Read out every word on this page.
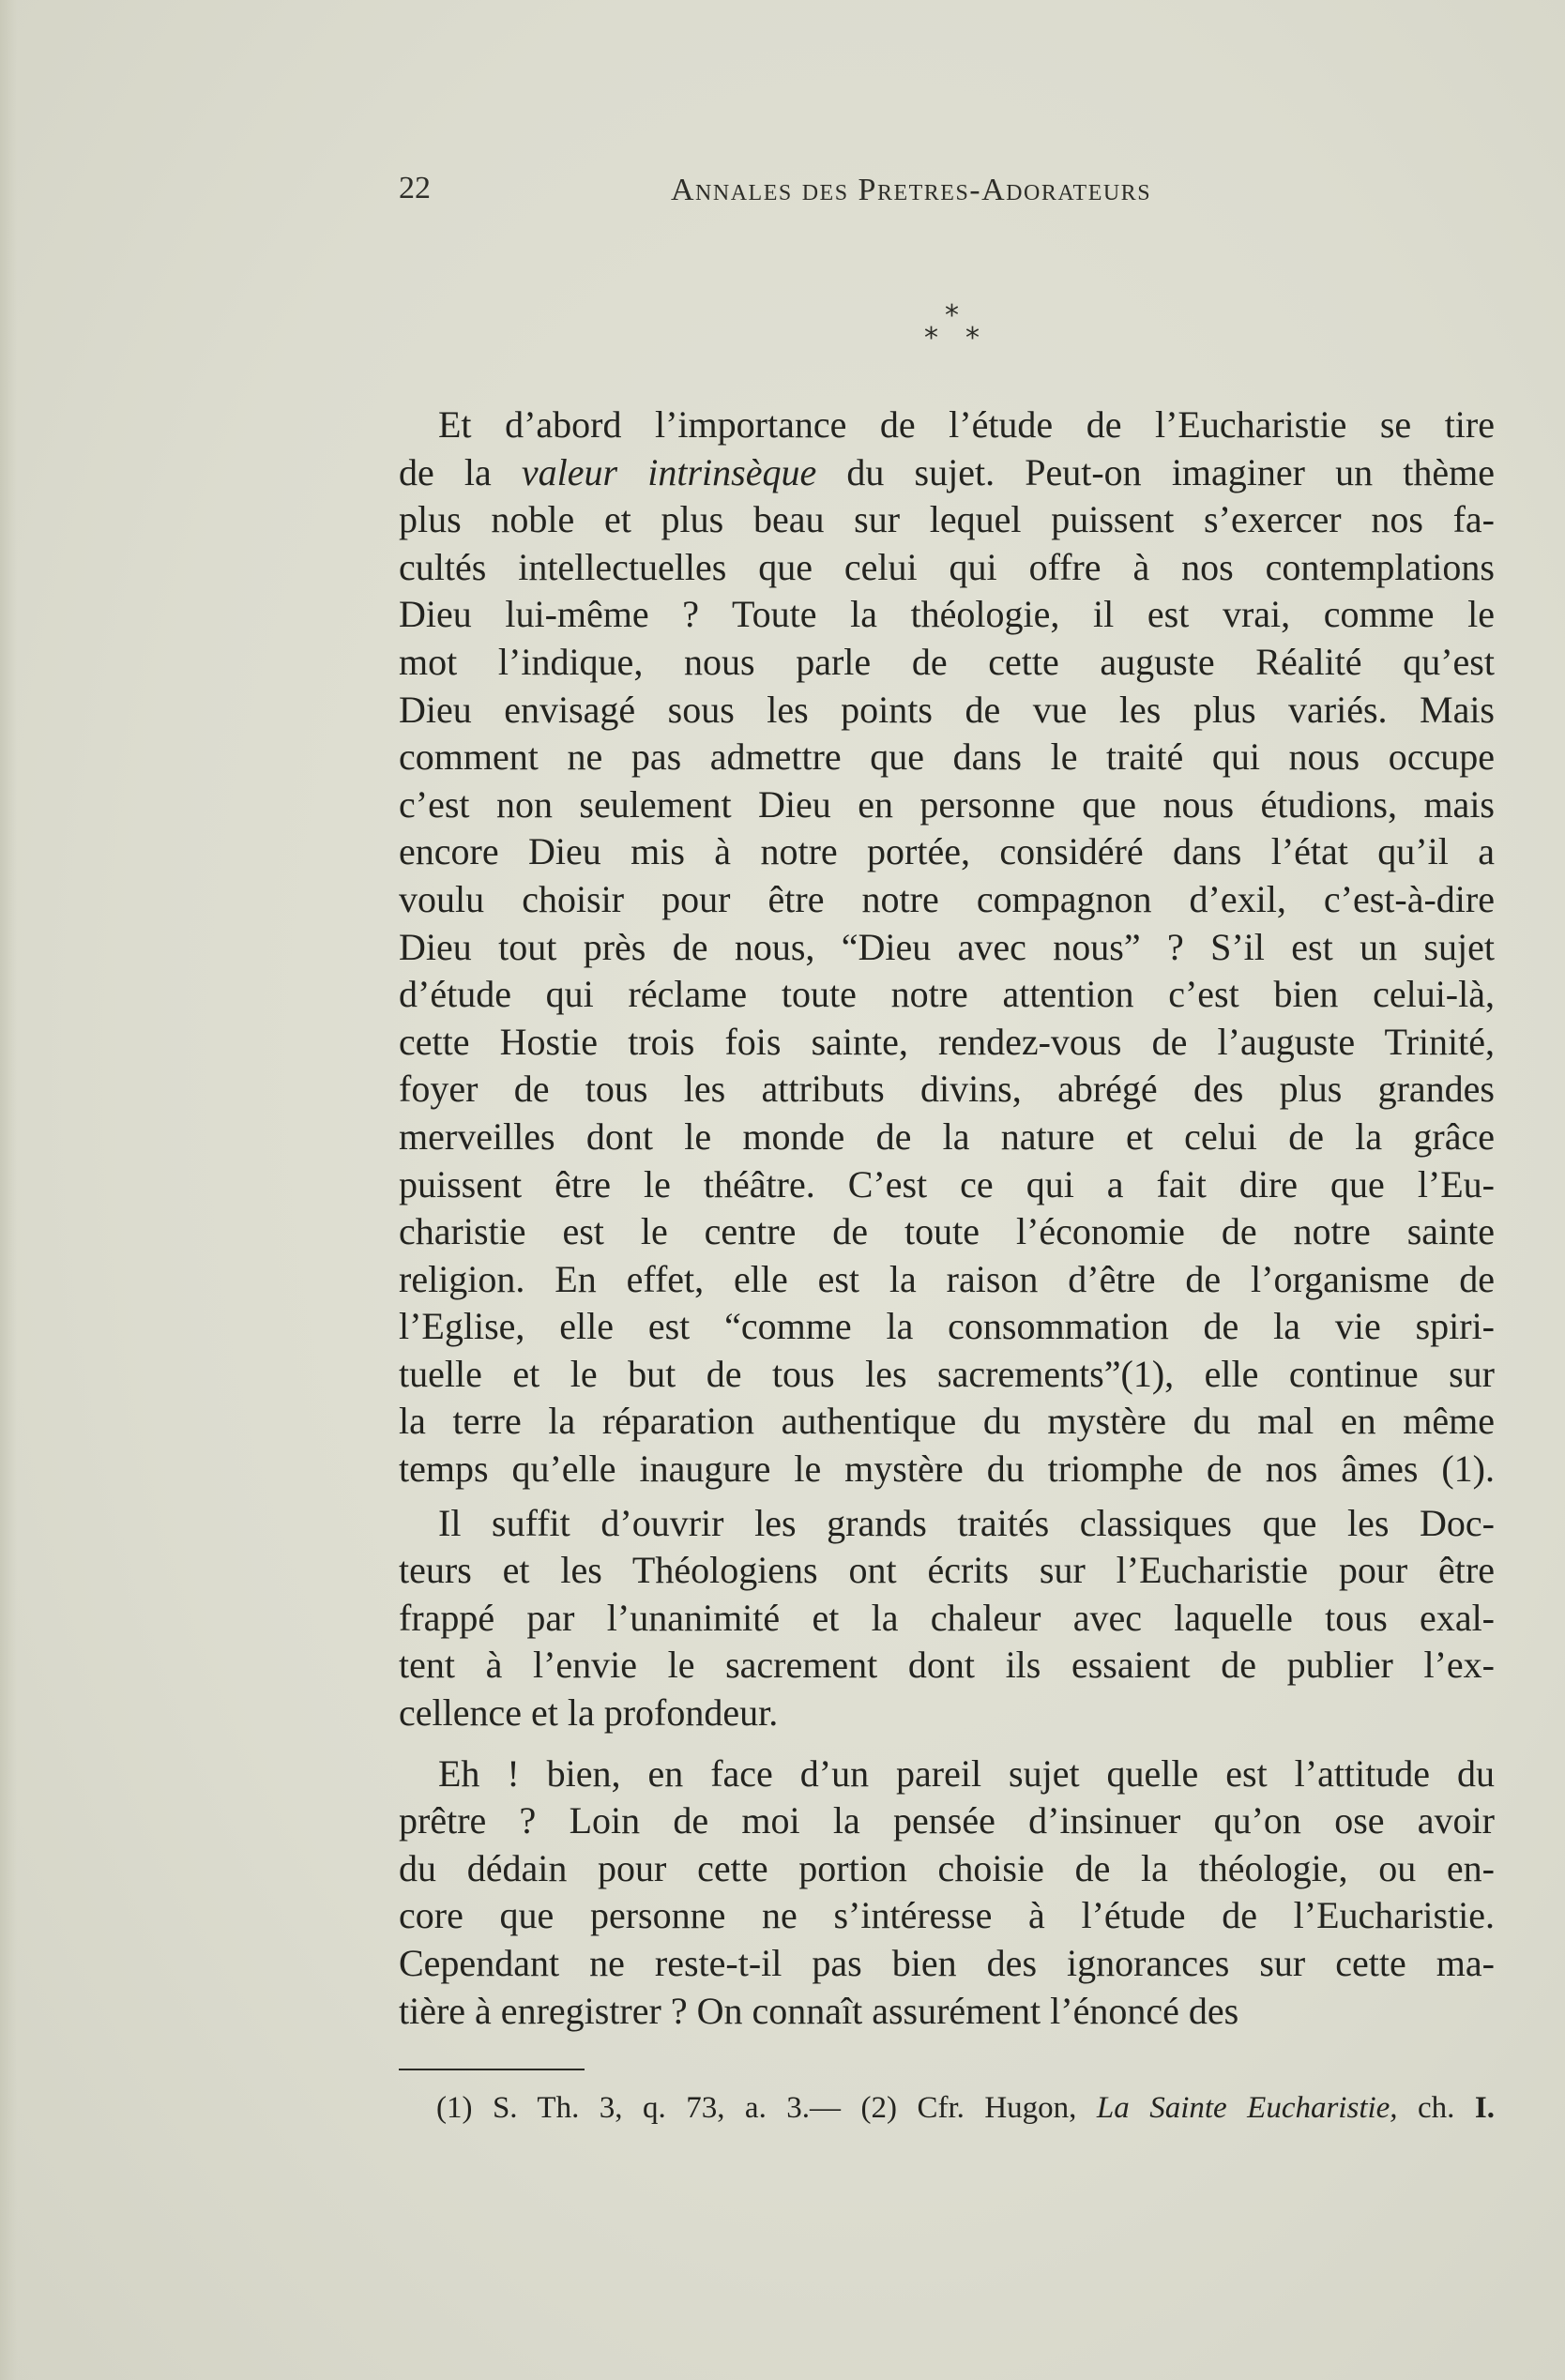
22	Annales des Pretres-Adorateurs
*
* *
Et d’abord l’importance de l’étude de l’Eucharistie se tire
de la valeur intrinsèque du sujet. Peut-on imaginer un thème
plus noble et plus beau sur lequel puissent s’exercer nos fa-
cultés intellectuelles que celui qui offre à nos contemplations
Dieu lui-même ? Toute la théologie, il est vrai, comme le
mot l’indique, nous parle de cette auguste Réalité qu’est
Dieu envisagé sous les points de vue les plus variés. Mais
comment ne pas admettre que dans le traité qui nous occupe
c’est non seulement Dieu en personne que nous étudions, mais
encore Dieu mis à notre portée, considéré dans l’état qu’il a
voulu choisir pour être notre compagnon d’exil, c’est-à-dire
Dieu tout près de nous, “Dieu avec nous” ? S’il est un sujet
d’étude qui réclame toute notre attention c’est bien celui-là,
cette Hostie trois fois sainte, rendez-vous de l’auguste Trinité,
foyer de tous les attributs divins, abrégé des plus grandes
merveilles dont le monde de la nature et celui de la grâce
puissent être le théâtre. C’est ce qui a fait dire que l’Eu-
charistie est le centre de toute l’économie de notre sainte
religion. En effet, elle est la raison d’être de l’organisme de
l’Eglise, elle est “comme la consommation de la vie spiri-
tuelle et le but de tous les sacrements”(1), elle continue sur
la terre la réparation authentique du mystère du mal en même
temps qu’elle inaugure le mystère du triomphe de nos âmes (1).
Il suffit d’ouvrir les grands traités classiques que les Doc-
teurs et les Théologiens ont écrits sur l’Eucharistie pour être
frappé par l’unanimité et la chaleur avec laquelle tous exal-
tent à l’envie le sacrement dont ils essaient de publier l’ex-
cellence et la profondeur.
Eh ! bien, en face d’un pareil sujet quelle est l’attitude du
prêtre ? Loin de moi la pensée d’insinuer qu’on ose avoir
du dédain pour cette portion choisie de la théologie, ou en-
core que personne ne s’intéresse à l’étude de l’Eucharistie.
Cependant ne reste-t-il pas bien des ignorances sur cette ma-
tière à enregistrer ? On connaît assurément l’énoncé des
(1) S. Th. 3, q. 73, a. 3.— (2) Cfr. Hugon, La Sainte Eucharistie, ch. I.
